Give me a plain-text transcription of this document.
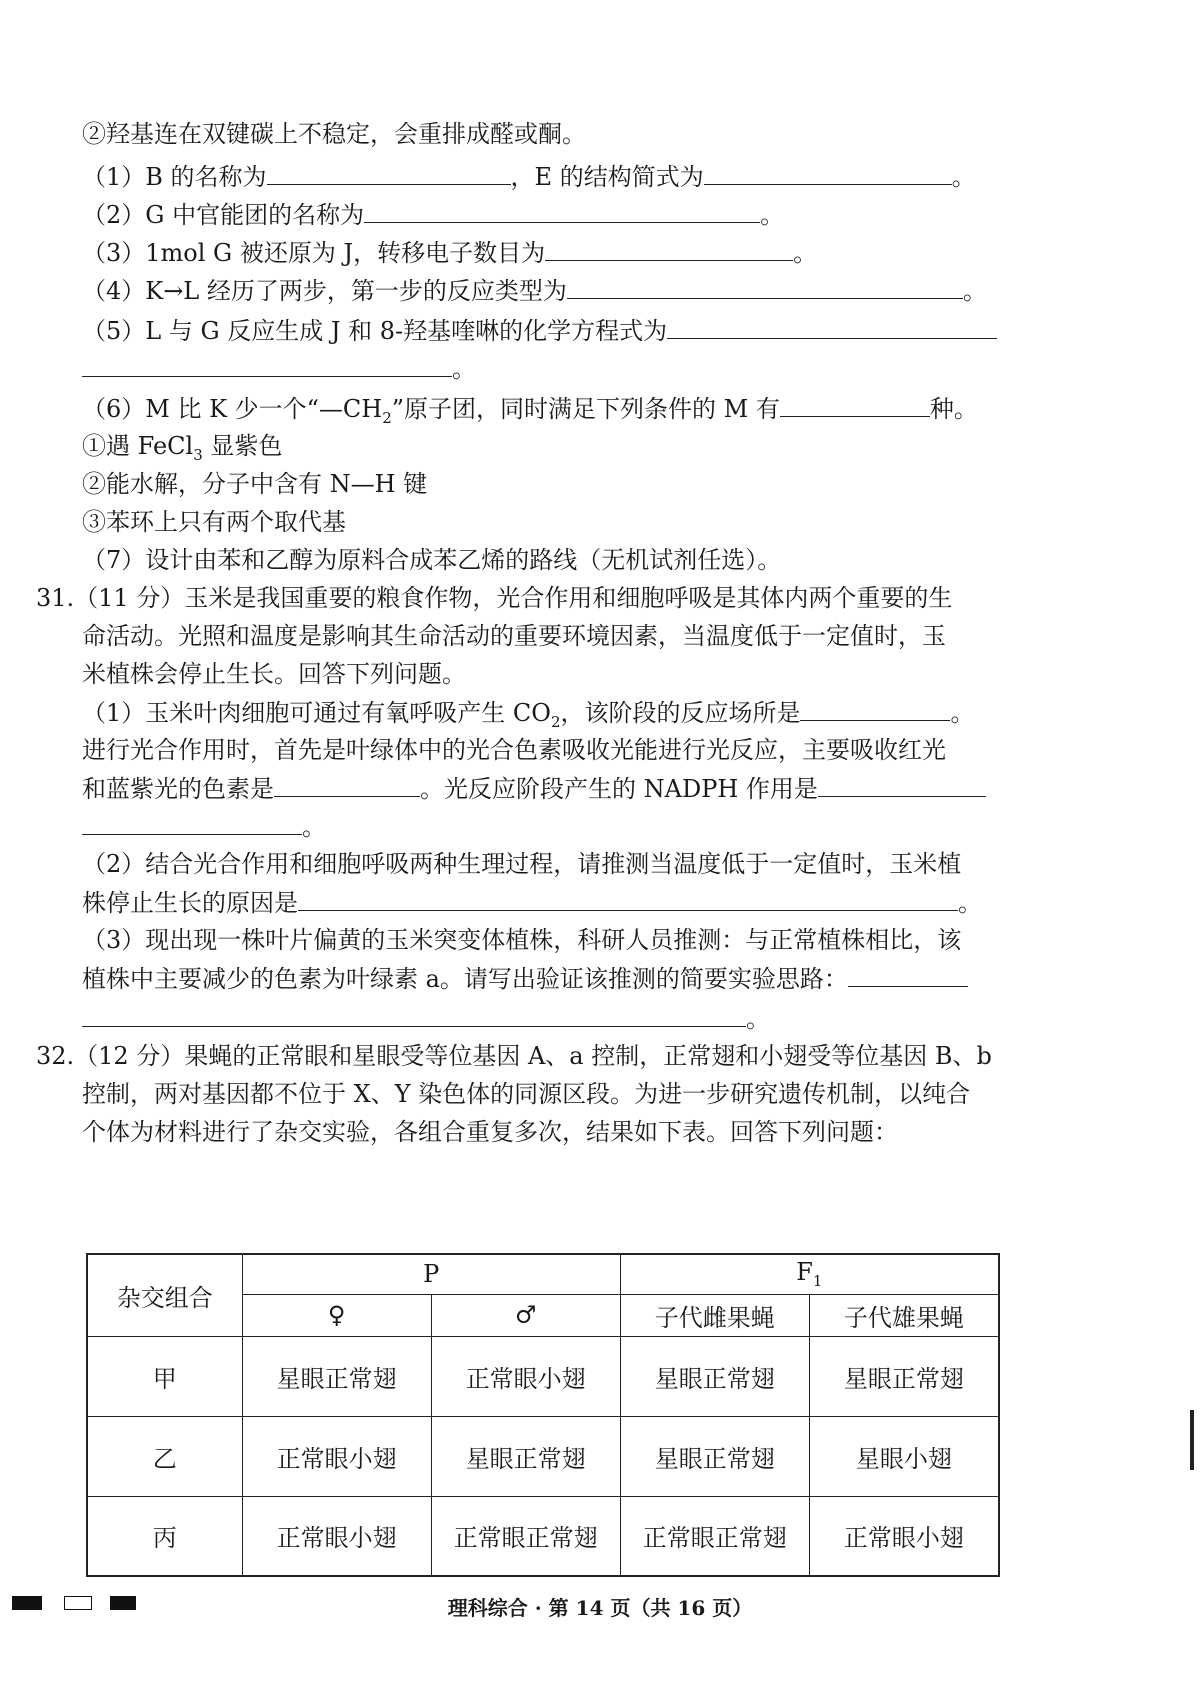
②羟基连在双键碳上不稳定，会重排成醛或酮。
（1）B 的名称为	，E 的结构简式为	。
（2）G 中官能团的名称为	。
（3）1mol G 被还原为 J，转移电子数目为	。
（4）K→L 经历了两步，第一步的反应类型为	。
（5）L 与 G 反应生成 J 和 8-羟基喹啉的化学方程式为
。
（6）M 比 K 少一个“$—CH_2$”原子团，同时满足下列条件的 M 有	种。
①遇 FeCl$_3$ 显紫色
②能水解，分子中含有 N—H 键
③苯环上只有两个取代基
（7）设计由苯和乙醇为原料合成苯乙烯的路线（无机试剂任选）。
31.（11 分）玉米是我国重要的粮食作物，光合作用和细胞呼吸是其体内两个重要的生
命活动。光照和温度是影响其生命活动的重要环境因素，当温度低于一定值时，玉
米植株会停止生长。回答下列问题。
（1）玉米叶肉细胞可通过有氧呼吸产生 $CO_2$，该阶段的反应场所是	。
进行光合作用时，首先是叶绿体中的光合色素吸收光能进行光反应，主要吸收红光
和蓝紫光的色素是	。光反应阶段产生的 NADPH 作用是
。
（2）结合光合作用和细胞呼吸两种生理过程，请推测当温度低于一定值时，玉米植
株停止生长的原因是	。
（3）现出现一株叶片偏黄的玉米突变体植株，科研人员推测：与正常植株相比，该
植株中主要减少的色素为叶绿素 a。请写出验证该推测的简要实验思路：
。
32.（12 分）果蝇的正常眼和星眼受等位基因 A、a 控制，正常翅和小翅受等位基因 B、b
控制，两对基因都不位于 X、Y 染色体的同源区段。为进一步研究遗传机制，以纯合
个体为材料进行了杂交实验，各组合重复多次，结果如下表。回答下列问题：
杂交组合	P		$F_1$
	♀	♂	子代雌果蝇	子代雄果蝇
甲	星眼正常翅	正常眼小翅	星眼正常翅	星眼正常翅
乙	正常眼小翅	星眼正常翅	星眼正常翅	星眼小翅
丙	正常眼小翅	正常眼正常翅	正常眼正常翅	正常眼小翅
理科综合 · 第 14 页（共 16 页）
